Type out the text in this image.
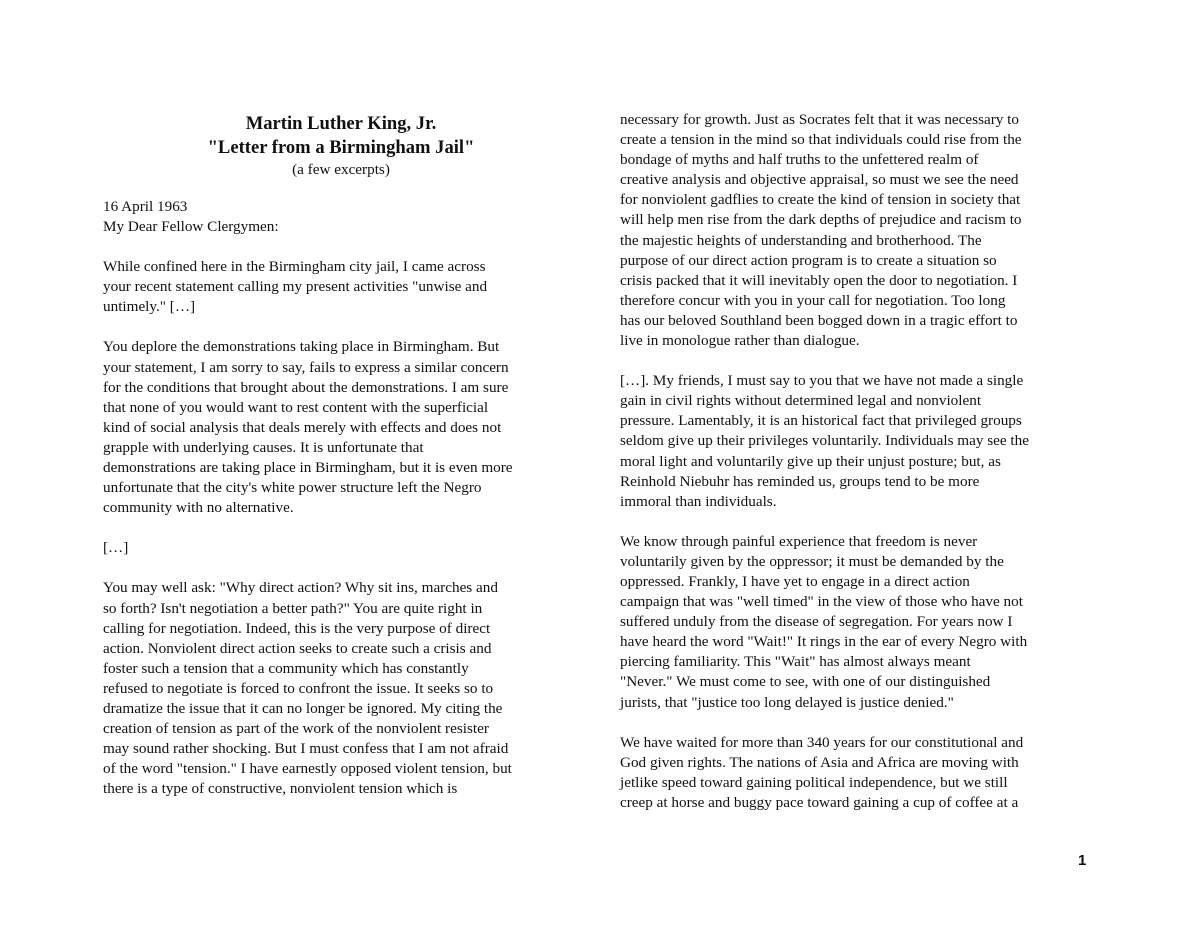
Martin Luther King, Jr.
"Letter from a Birmingham Jail"
(a few excerpts)
16 April 1963
My Dear Fellow Clergymen:

While confined here in the Birmingham city jail, I came across
your recent statement calling my present activities "unwise and
untimely." […]

You deplore the demonstrations taking place in Birmingham. But
your statement, I am sorry to say, fails to express a similar concern
for the conditions that brought about the demonstrations. I am sure
that none of you would want to rest content with the superficial
kind of social analysis that deals merely with effects and does not
grapple with underlying causes. It is unfortunate that
demonstrations are taking place in Birmingham, but it is even more
unfortunate that the city's white power structure left the Negro
community with no alternative.

[…]

You may well ask: "Why direct action? Why sit ins, marches and
so forth? Isn't negotiation a better path?" You are quite right in
calling for negotiation. Indeed, this is the very purpose of direct
action. Nonviolent direct action seeks to create such a crisis and
foster such a tension that a community which has constantly
refused to negotiate is forced to confront the issue. It seeks so to
dramatize the issue that it can no longer be ignored. My citing the
creation of tension as part of the work of the nonviolent resister
may sound rather shocking. But I must confess that I am not afraid
of the word "tension." I have earnestly opposed violent tension, but
there is a type of constructive, nonviolent tension which is

necessary for growth. Just as Socrates felt that it was necessary to
create a tension in the mind so that individuals could rise from the
bondage of myths and half truths to the unfettered realm of
creative analysis and objective appraisal, so must we see the need
for nonviolent gadflies to create the kind of tension in society that
will help men rise from the dark depths of prejudice and racism to
the majestic heights of understanding and brotherhood. The
purpose of our direct action program is to create a situation so
crisis packed that it will inevitably open the door to negotiation. I
therefore concur with you in your call for negotiation. Too long
has our beloved Southland been bogged down in a tragic effort to
live in monologue rather than dialogue.

[…]. My friends, I must say to you that we have not made a single
gain in civil rights without determined legal and nonviolent
pressure. Lamentably, it is an historical fact that privileged groups
seldom give up their privileges voluntarily. Individuals may see the
moral light and voluntarily give up their unjust posture; but, as
Reinhold Niebuhr has reminded us, groups tend to be more
immoral than individuals.

We know through painful experience that freedom is never
voluntarily given by the oppressor; it must be demanded by the
oppressed. Frankly, I have yet to engage in a direct action
campaign that was "well timed" in the view of those who have not
suffered unduly from the disease of segregation. For years now I
have heard the word "Wait!" It rings in the ear of every Negro with
piercing familiarity. This "Wait" has almost always meant
"Never." We must come to see, with one of our distinguished
jurists, that "justice too long delayed is justice denied."

We have waited for more than 340 years for our constitutional and
God given rights. The nations of Asia and Africa are moving with
jetlike speed toward gaining political independence, but we still
creep at horse and buggy pace toward gaining a cup of coffee at a

1
